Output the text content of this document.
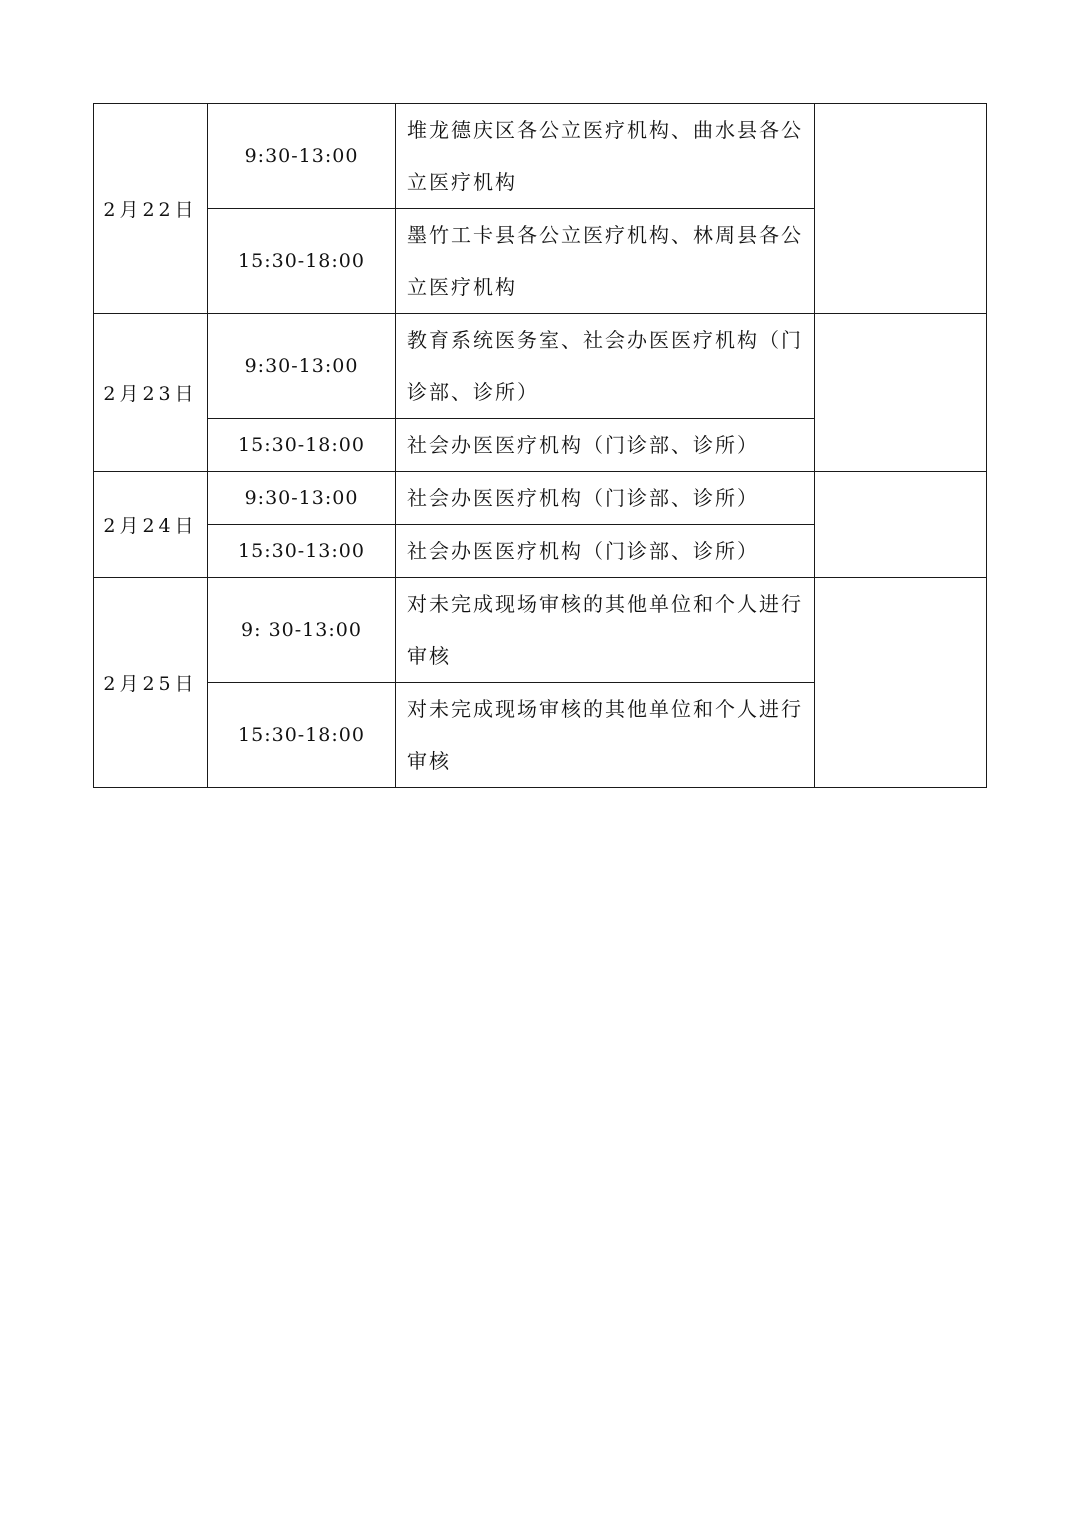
2月22日	9:30-13:00	堆龙德庆区各公立医疗机构、曲水县各公立医疗机构	
	15:30-18:00	墨竹工卡县各公立医疗机构、林周县各公立医疗机构	
2月23日	9:30-13:00	教育系统医务室、社会办医医疗机构（门诊部、诊所）	
	15:30-18:00	社会办医医疗机构（门诊部、诊所）	
2月24日	9:30-13:00	社会办医医疗机构（门诊部、诊所）	
	15:30-13:00	社会办医医疗机构（门诊部、诊所）	
2月25日	9: 30-13:00	对未完成现场审核的其他单位和个人进行审核	
	15:30-18:00	对未完成现场审核的其他单位和个人进行审核	
